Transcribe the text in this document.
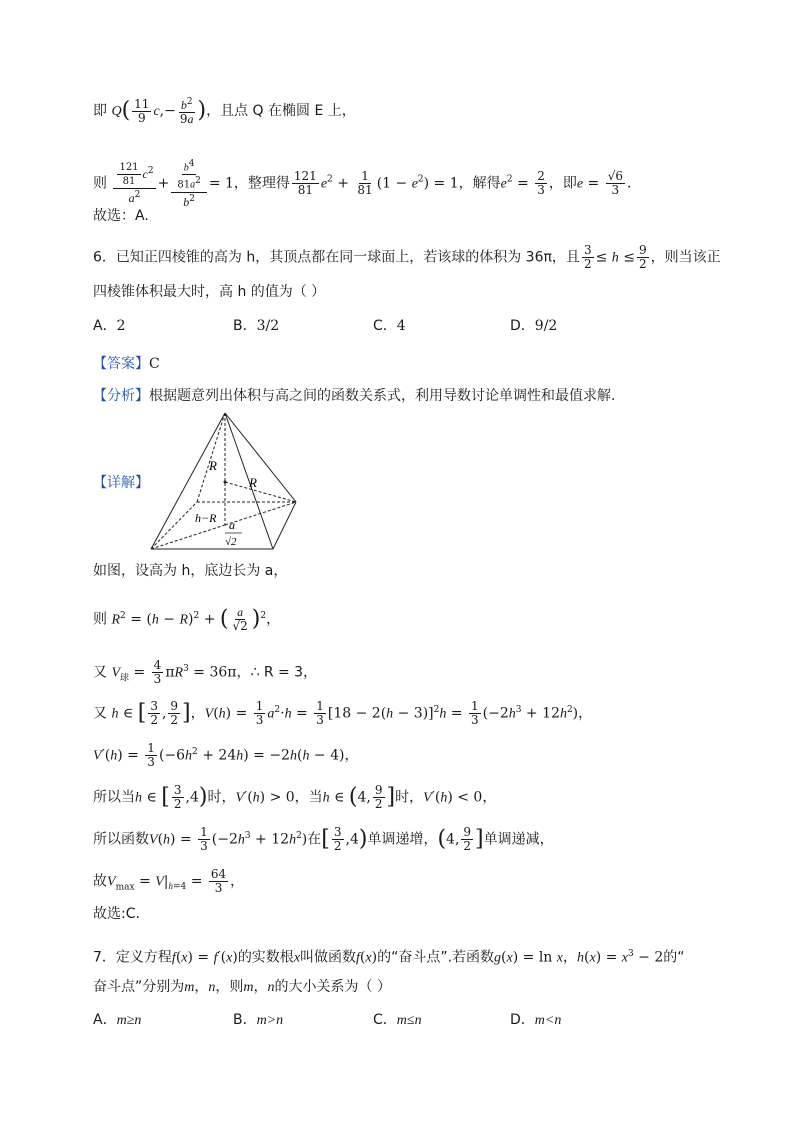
即 $Q( \frac{11}{9} c,- \frac{b^2}{9a}$ )，且点 Q 在椭圆 E 上，
则 $\frac{\frac{121}{81} c^2}{a^2} + \frac{\frac{b^4}{81a^2}}{b^2} = 1$，整理得 $\frac{121}{81} e^2 + \frac{1}{81} (1 - e^2) = 1$，解得$e^2 = \frac{2}{3}$ ，即$e = \frac{√6}{3}$ .
故选：A.
6．已知正四棱锥的高为 h，其顶点都在同一球面上，若该球的体积为 36π，且 $\frac{3}{2} \le h \le \frac{9}{2}$ ，则当该正
四棱锥体积最大时，高 h 的值为（ ）
A．2	B．3/2	C．4	D．9/2
【答案】C
【分析】根据题意列出体积与高之间的函数关系式，利用导数讨论单调性和最值求解.
【详解】
R
R
h−R a
√2
如图，设高为 h，底边长为 a，
则 $R^2 = (h - R)^2$ + ( $\frac{a}{√2} )^2$，
又 $V_球 = \frac{4}{3} \pi R^3 = 36\pi$，∴ R = 3，
又 h ∈ [ $\frac{3}{2}$ , $\frac{9}{2}$ ]，$V(h) = \frac{1}{3} a^2\cdot h = \frac{1}{3} [18 - 2(h - 3)]^2h = \frac{1}{3} (-2h^3 + 12h^2)$，
$V'(h) = \frac{1}{3} (-6h^2 + 24h) = -2h(h - 4)$，
所以当h ∈ [ $\frac{3}{2} ,4$)时，V′(h) > 0，当h ∈ (4, $\frac{9}{2}$ ]时，V′(h) < 0，
所以函数$V(h) = \frac{1}{3} (-2h^3 + 12h^2)$在[ $\frac{3}{2} ,4$)单调递增，(4, $\frac{9}{2}$ ]单调递减，
故$V_{max} = V|_{h=4} = \frac{64}{3}$ ，
故选:C.
7．定义方程f(x) = f′(x)的实数根x叫做函数f(x)的“奋斗点”.若函数g(x) = ln x，$h(x) = x^3 - 2$的“
奋斗点”分别为m，n，则m，n的大小关系为（ ）
A．m≥n	B．m>n	C．m≤n	D．m<n
